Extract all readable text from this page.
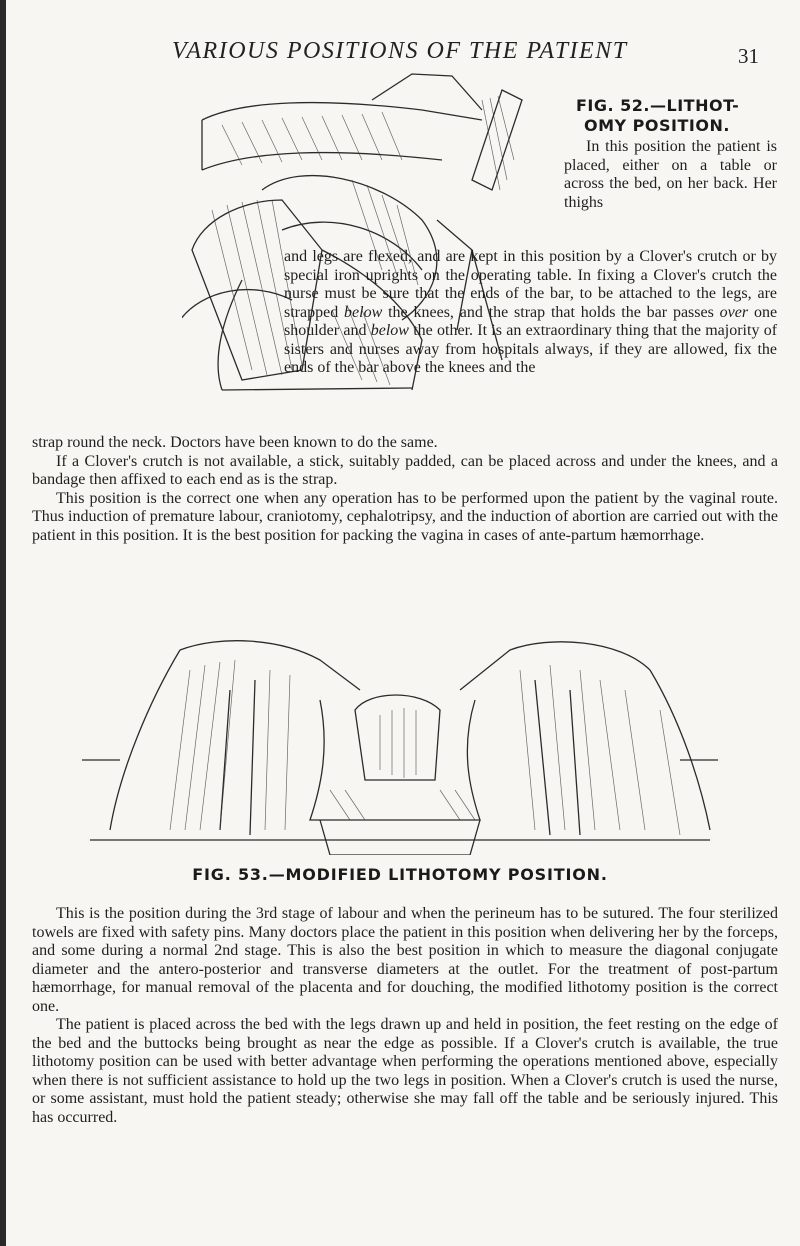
VARIOUS POSITIONS OF THE PATIENT	31
FIG. 52.—LITHOT-
OMY POSITION.

In this position the patient is placed, either on a table or across the bed, on her back. Her thighs

and legs are flexed, and are kept in this position by a Clover's crutch or by special iron uprights on the operating table. In fixing a Clover's crutch the nurse must be sure that the ends of the bar, to be attached to the legs, are strapped below the knees, and the strap that holds the bar passes over one shoulder and below the other. It is an extraordinary thing that the majority of sisters and nurses away from hospitals always, if they are allowed, fix the ends of the bar above the knees and the

strap round the neck. Doctors have been known to do the same.

If a Clover's crutch is not available, a stick, suitably padded, can be placed across and under the knees, and a bandage then affixed to each end as is the strap.

This position is the correct one when any operation has to be performed upon the patient by the vaginal route. Thus induction of premature labour, craniotomy, cephalotripsy, and the induction of abortion are carried out with the patient in this position. It is the best position for packing the vagina in cases of ante-partum hæmorrhage.

FIG. 53.—MODIFIED LITHOTOMY POSITION.

This is the position during the 3rd stage of labour and when the perineum has to be sutured. The four sterilized towels are fixed with safety pins. Many doctors place the patient in this position when delivering her by the forceps, and some during a normal 2nd stage. This is also the best position in which to measure the diagonal conjugate diameter and the antero-posterior and transverse diameters at the outlet. For the treatment of post-partum hæmorrhage, for manual removal of the placenta and for douching, the modified lithotomy position is the correct one.

The patient is placed across the bed with the legs drawn up and held in position, the feet resting on the edge of the bed and the buttocks being brought as near the edge as possible. If a Clover's crutch is available, the true lithotomy position can be used with better advantage when performing the operations mentioned above, especially when there is not sufficient assistance to hold up the two legs in position. When a Clover's crutch is used the nurse, or some assistant, must hold the patient steady; otherwise she may fall off the table and be seriously injured. This has occurred.
